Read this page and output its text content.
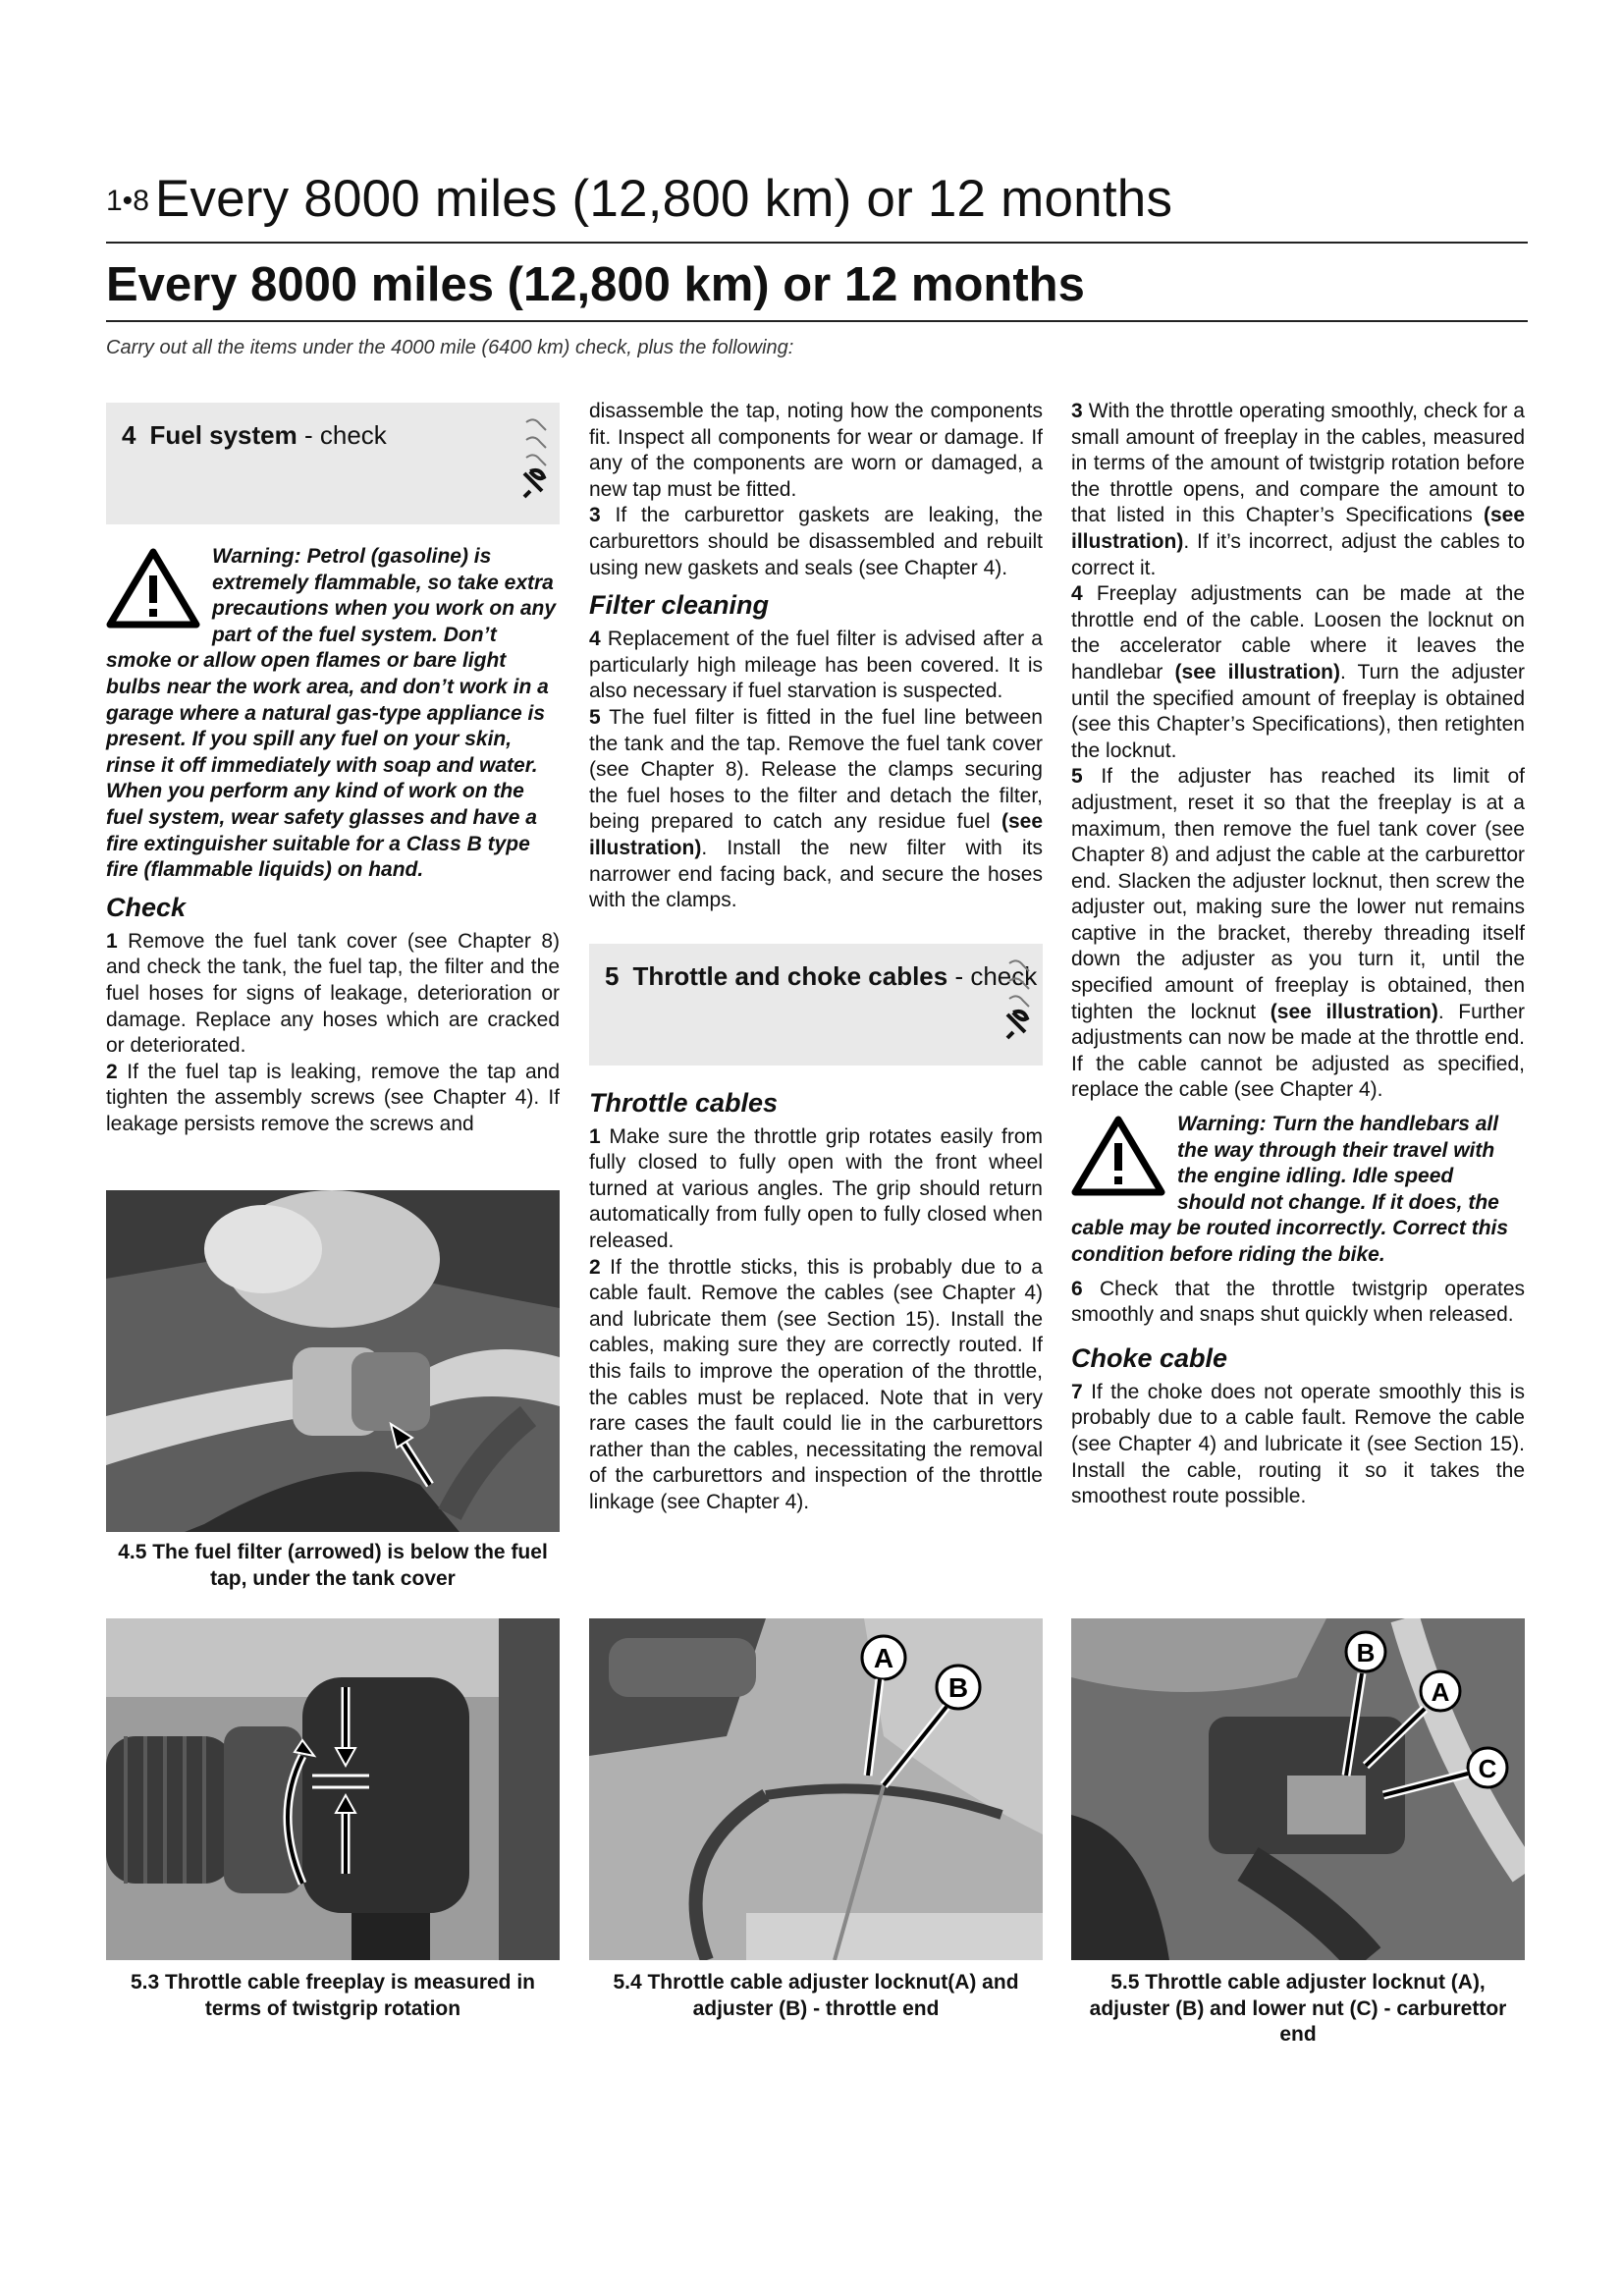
1•8 Every 8000 miles (12,800 km) or 12 months
Every 8000 miles (12,800 km) or 12 months
Carry out all the items under the 4000 mile (6400 km) check, plus the following:
4 Fuel system - check
Warning: Petrol (gasoline) is extremely flammable, so take extra precautions when you work on any part of the fuel system. Don’t smoke or allow open flames or bare light bulbs near the work area, and don’t work in a garage where a natural gas-type appliance is present. If you spill any fuel on your skin, rinse it off immediately with soap and water. When you perform any kind of work on the fuel system, wear safety glasses and have a fire extinguisher suitable for a Class B type fire (flammable liquids) on hand.
Check

1 Remove the fuel tank cover (see Chapter 8) and check the tank, the fuel tap, the filter and the fuel hoses for signs of leakage, deterioration or damage. Replace any hoses which are cracked or deteriorated.

2 If the fuel tap is leaking, remove the tap and tighten the assembly screws (see Chapter 4). If leakage persists remove the screws and

4.5 The fuel filter (arrowed) is below the fuel tap, under the tank cover

disassemble the tap, noting how the components fit. Inspect all components for wear or damage. If any of the components are worn or damaged, a new tap must be fitted.

3 If the carburettor gaskets are leaking, the carburettors should be disassembled and rebuilt using new gaskets and seals (see Chapter 4).

Filter cleaning

4 Replacement of the fuel filter is advised after a particularly high mileage has been covered. It is also necessary if fuel starvation is suspected.

5 The fuel filter is fitted in the fuel line between the tank and the tap. Remove the fuel tank cover (see Chapter 8). Release the clamps securing the fuel hoses to the filter and detach the filter, being prepared to catch any residue fuel (see illustration). Install the new filter with its narrower end facing back, and secure the hoses with the clamps.

5 Throttle and choke cables - check
Throttle cables

1 Make sure the throttle grip rotates easily from fully closed to fully open with the front wheel turned at various angles. The grip should return automatically from fully open to fully closed when released.

2 If the throttle sticks, this is probably due to a cable fault. Remove the cables (see Chapter 4) and lubricate them (see Section 15). Install the cables, making sure they are correctly routed. If this fails to improve the operation of the throttle, the cables must be replaced. Note that in very rare cases the fault could lie in the carburettors rather than the cables, necessitating the removal of the carburettors and inspection of the throttle linkage (see Chapter 4).

3 With the throttle operating smoothly, check for a small amount of freeplay in the cables, measured in terms of the amount of twistgrip rotation before the throttle opens, and compare the amount to that listed in this Chapter’s Specifications (see illustration). If it’s incorrect, adjust the cables to correct it.

4 Freeplay adjustments can be made at the throttle end of the cable. Loosen the locknut on the accelerator cable where it leaves the handlebar (see illustration). Turn the adjuster until the specified amount of freeplay is obtained (see this Chapter’s Specifications), then retighten the locknut.

5 If the adjuster has reached its limit of adjustment, reset it so that the freeplay is at a maximum, then remove the fuel tank cover (see Chapter 8) and adjust the cable at the carburettor end. Slacken the adjuster locknut, then screw the adjuster out, making sure the lower nut remains captive in the bracket, thereby threading itself down the adjuster as you turn it, until the specified amount of freeplay is obtained, then tighten the locknut (see illustration). Further adjustments can now be made at the throttle end. If the cable cannot be adjusted as specified, replace the cable (see Chapter 4).

Warning: Turn the handlebars all the way through their travel with the engine idling. Idle speed should not change. If it does, the cable may be routed incorrectly. Correct this condition before riding the bike.

6 Check that the throttle twistgrip operates smoothly and snaps shut quickly when released.

Choke cable

7 If the choke does not operate smoothly this is probably due to a cable fault. Remove the cable (see Chapter 4) and lubricate it (see Section 15). Install the cable, routing it so it takes the smoothest route possible.

5.3 Throttle cable freeplay is measured in terms of twistgrip rotation
A
B
5.4 Throttle cable adjuster locknut(A) and adjuster (B) - throttle end
B
A
C
5.5 Throttle cable adjuster locknut (A), adjuster (B) and lower nut (C) - carburettor end
